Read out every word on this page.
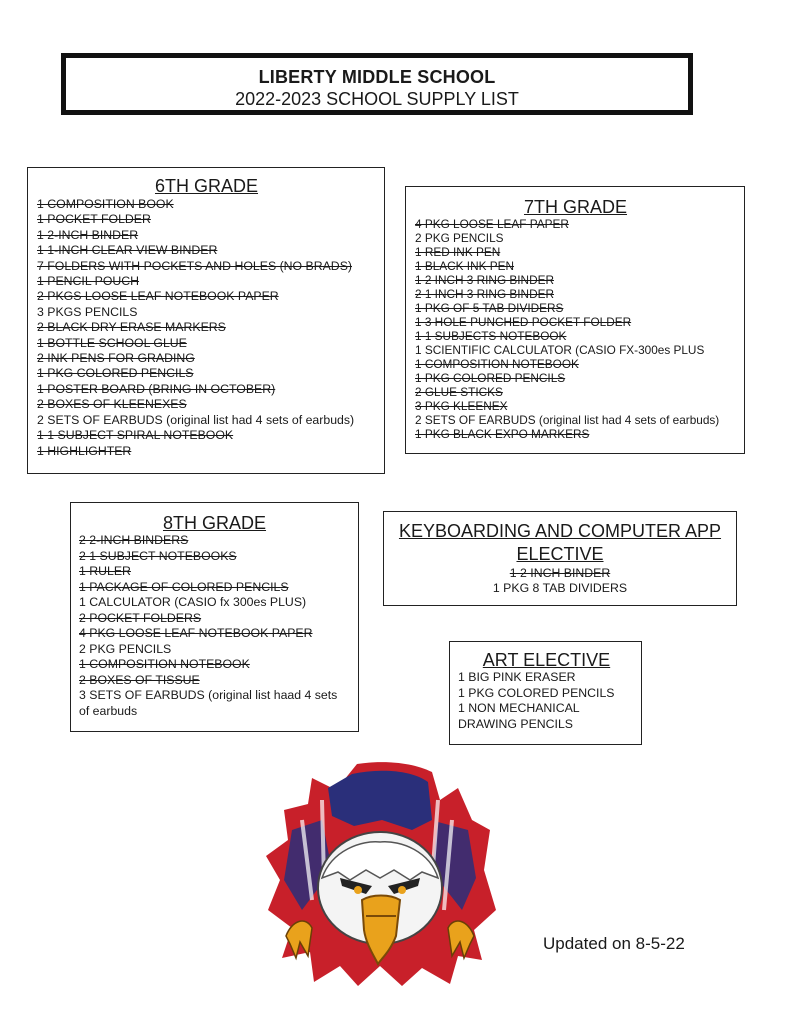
LIBERTY MIDDLE SCHOOL
2022-2023 SCHOOL SUPPLY LIST
6TH GRADE
1 COMPOSITION BOOK
1 POCKET FOLDER
1 2-INCH BINDER
1 1-INCH CLEAR VIEW BINDER
7 FOLDERS WITH POCKETS AND HOLES (NO BRADS)
1 PENCIL POUCH
2 PKGS LOOSE LEAF NOTEBOOK PAPER
3 PKGS PENCILS
2 BLACK DRY ERASE MARKERS
1 BOTTLE SCHOOL GLUE
2 INK PENS FOR GRADING
1 PKG COLORED PENCILS
1 POSTER BOARD (BRING IN OCTOBER)
2 BOXES OF KLEENEXES
2 SETS OF EARBUDS (original list had 4 sets of earbuds)
1 1 SUBJECT SPIRAL NOTEBOOK
1 HIGHLIGHTER
7TH GRADE
4 PKG LOOSE LEAF PAPER
2 PKG PENCILS
1 RED INK PEN
1 BLACK INK PEN
1 2 INCH 3 RING BINDER
2 1 INCH 3 RING BINDER
1 PKG OF 5 TAB DIVIDERS
1 3 HOLE PUNCHED POCKET FOLDER
1 1 SUBJECTS NOTEBOOK
1 SCIENTIFIC CALCULATOR (CASIO FX-300es PLUS
1 COMPOSITION NOTEBOOK
1 PKG COLORED PENCILS
2 GLUE STICKS
3 PKG KLEENEX
2 SETS OF EARBUDS (original list had 4 sets of earbuds)
1 PKG BLACK EXPO MARKERS
8TH GRADE
2 2-INCH BINDERS
2 1 SUBJECT NOTEBOOKS
1 RULER
1 PACKAGE OF COLORED PENCILS
1 CALCULATOR (CASIO fx 300es PLUS)
2 POCKET FOLDERS
4 PKG LOOSE LEAF NOTEBOOK PAPER
2 PKG PENCILS
1 COMPOSITION NOTEBOOK
2 BOXES OF TISSUE
3 SETS OF EARBUDS (original list haad 4 sets of earbuds
KEYBOARDING AND COMPUTER APP ELECTIVE
1 2 INCH BINDER
1 PKG 8 TAB DIVIDERS
ART ELECTIVE
1 BIG PINK ERASER
1 PKG COLORED PENCILS
1 NON MECHANICAL DRAWING PENCILS
Updated on 8-5-22
